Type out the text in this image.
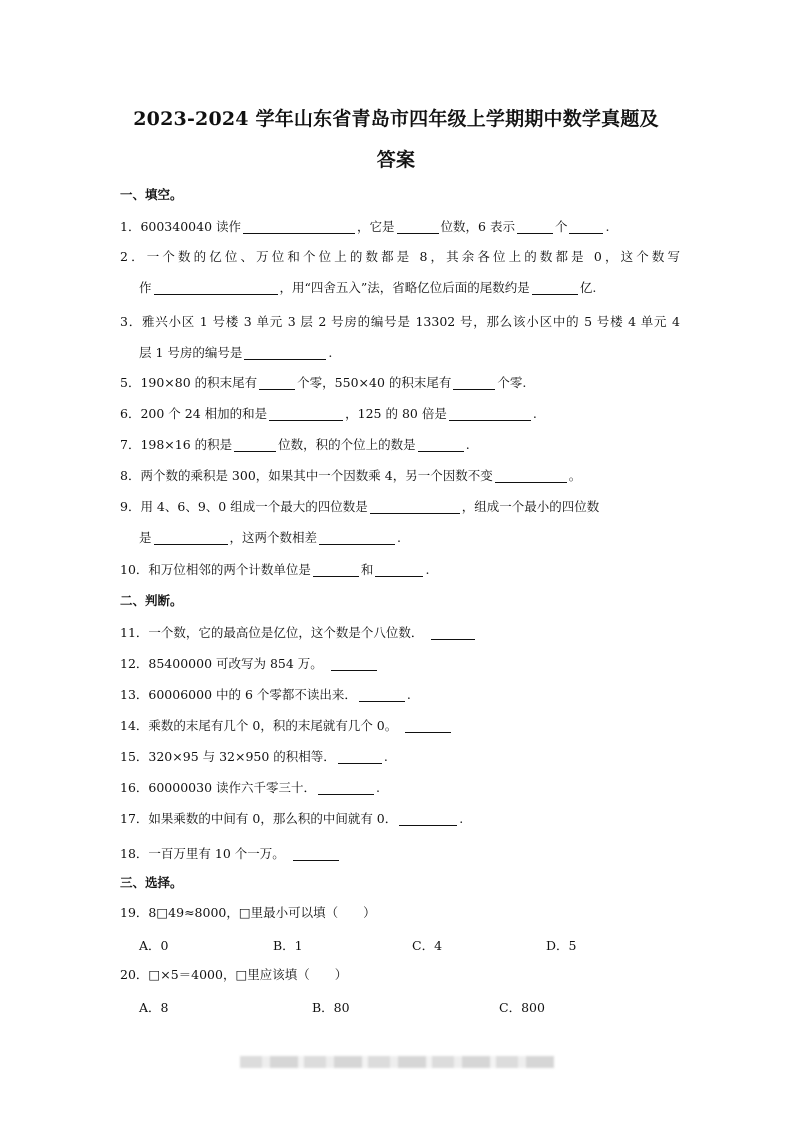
2023-2024 学年山东省青岛市四年级上学期期中数学真题及
答案
一、填空。
1．600340040 读作	，它是	位数，6 表示	个	.
2．一个数的亿位、万位和个位上的数都是 8，其余各位上的数都是 0，这个数写
作	，用“四舍五入”法，省略亿位后面的尾数约是	亿.
3．雅兴小区 1 号楼 3 单元 3 层 2 号房的编号是 13302 号，那么该小区中的 5 号楼 4 单元 4
层 1 号房的编号是	.
5．190×80 的积末尾有	个零，550×40 的积末尾有	个零.
6．200 个 24 相加的和是	，125 的 80 倍是	.
7．198×16 的积是	位数，积的个位上的数是	.
8．两个数的乘积是 300，如果其中一个因数乘 4，另一个因数不变	。
9．用 4、6、9、0 组成一个最大的四位数是	，组成一个最小的四位数
是	，这两个数相差	.
10．和万位相邻的两个计数单位是	和	.
二、判断。
11．一个数，它的最高位是亿位，这个数是个八位数．
12．85400000 可改写为 854 万。
13．60006000 中的 6 个零都不读出来．	.
14．乘数的末尾有几个 0，积的末尾就有几个 0。
15．320×95 与 32×950 的积相等．	.
16．60000030 读作六千零三十．	.
17．如果乘数的中间有 0，那么积的中间就有 0．	.
18．一百万里有 10 个一万。
三、选择。
19．8□49≈8000，□里最小可以填（　　）
A．0	B．1	C．4	D．5
20．□×5＝4000，□里应该填（　　）
A．8	B．80	C．800
